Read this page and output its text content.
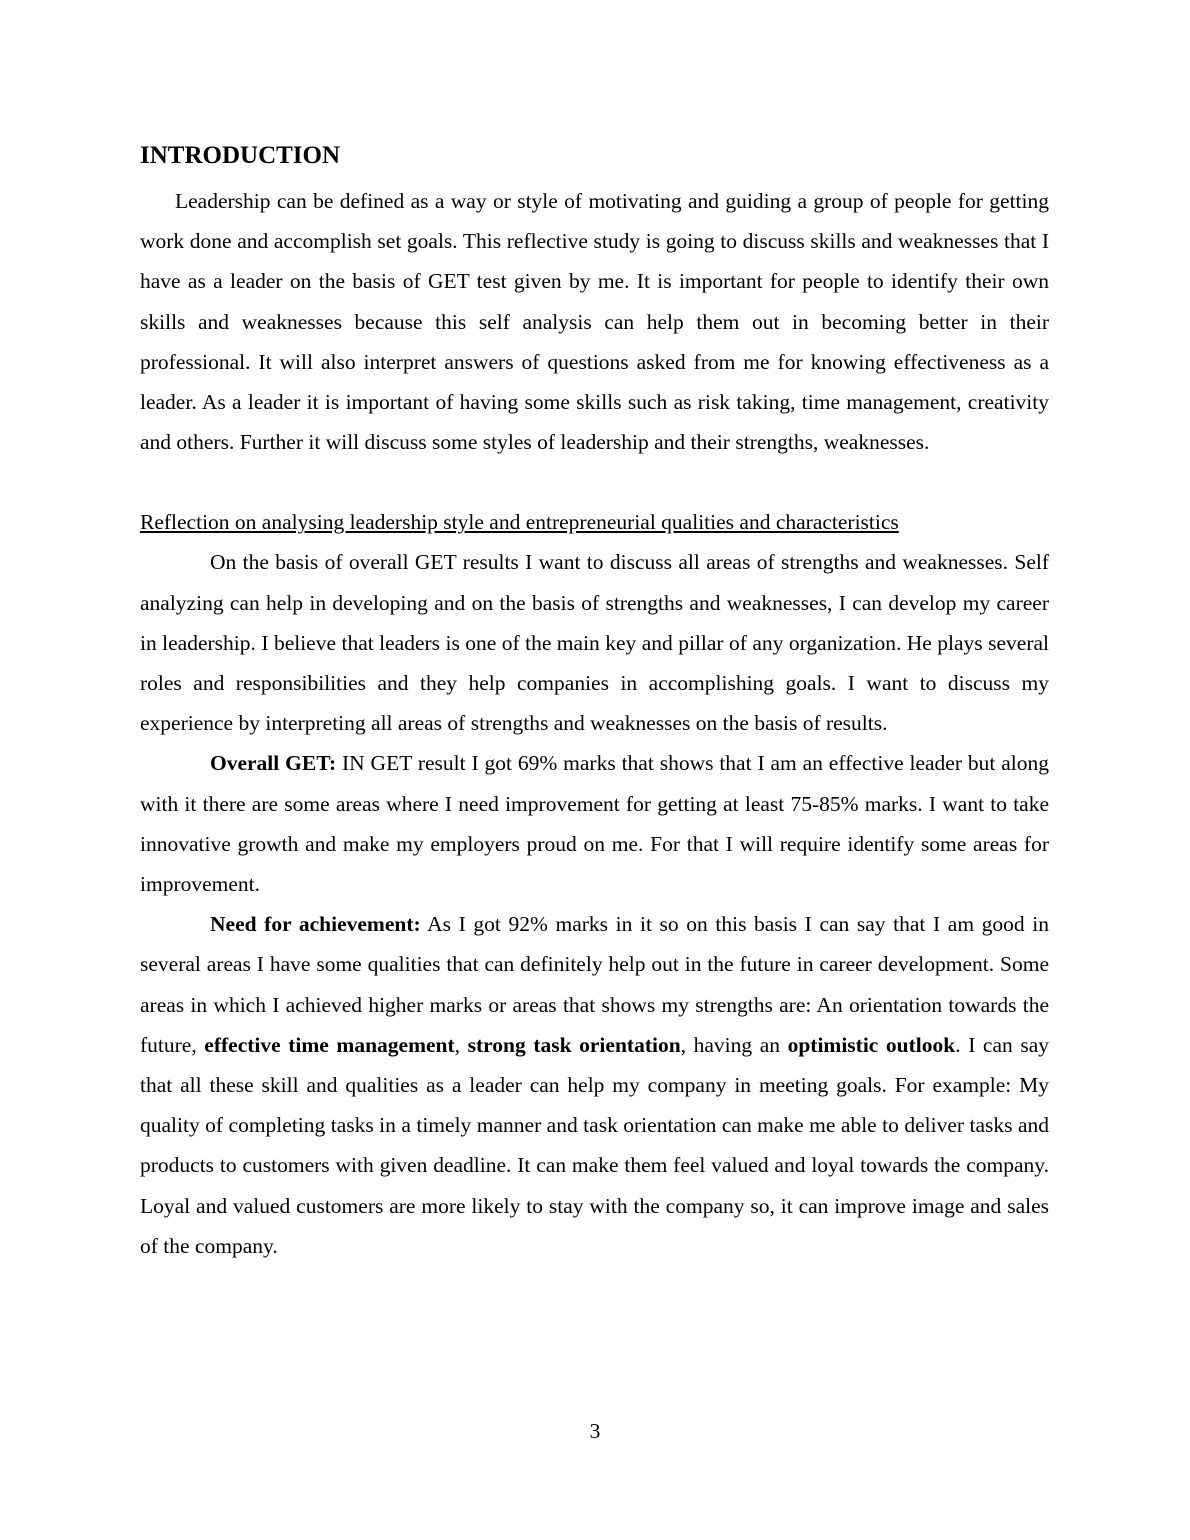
INTRODUCTION

Leadership can be defined as a way or style of motivating and guiding a group of people for getting work done and accomplish set goals. This reflective study is going to discuss skills and weaknesses that I have as a leader on the basis of GET test given by me. It is important for people to identify their own skills and weaknesses because this self analysis can help them out in becoming better in their professional. It will also interpret answers of questions asked from me for knowing effectiveness as a leader. As a leader it is important of having some skills such as risk taking, time management, creativity and others. Further it will discuss some styles of leadership and their strengths, weaknesses.

Reflection on analysing leadership style and entrepreneurial qualities and characteristics

On the basis of overall GET results I want to discuss all areas of strengths and weaknesses. Self analyzing can help in developing and on the basis of strengths and weaknesses, I can develop my career in leadership. I believe that leaders is one of the main key and pillar of any organization. He plays several roles and responsibilities and they help companies in accomplishing goals. I want to discuss my experience by interpreting all areas of strengths and weaknesses on the basis of results.

Overall GET: IN GET result I got 69% marks that shows that I am an effective leader but along with it there are some areas where I need improvement for getting at least 75-85% marks. I want to take innovative growth and make my employers proud on me. For that I will require identify some areas for improvement.

Need for achievement: As I got 92% marks in it so on this basis I can say that I am good in several areas I have some qualities that can definitely help out in the future in career development. Some areas in which I achieved higher marks or areas that shows my strengths are: An orientation towards the future, effective time management, strong task orientation, having an optimistic outlook. I can say that all these skill and qualities as a leader can help my company in meeting goals. For example: My quality of completing tasks in a timely manner and task orientation can make me able to deliver tasks and products to customers with given deadline. It can make them feel valued and loyal towards the company. Loyal and valued customers are more likely to stay with the company so, it can improve image and sales of the company.

3
